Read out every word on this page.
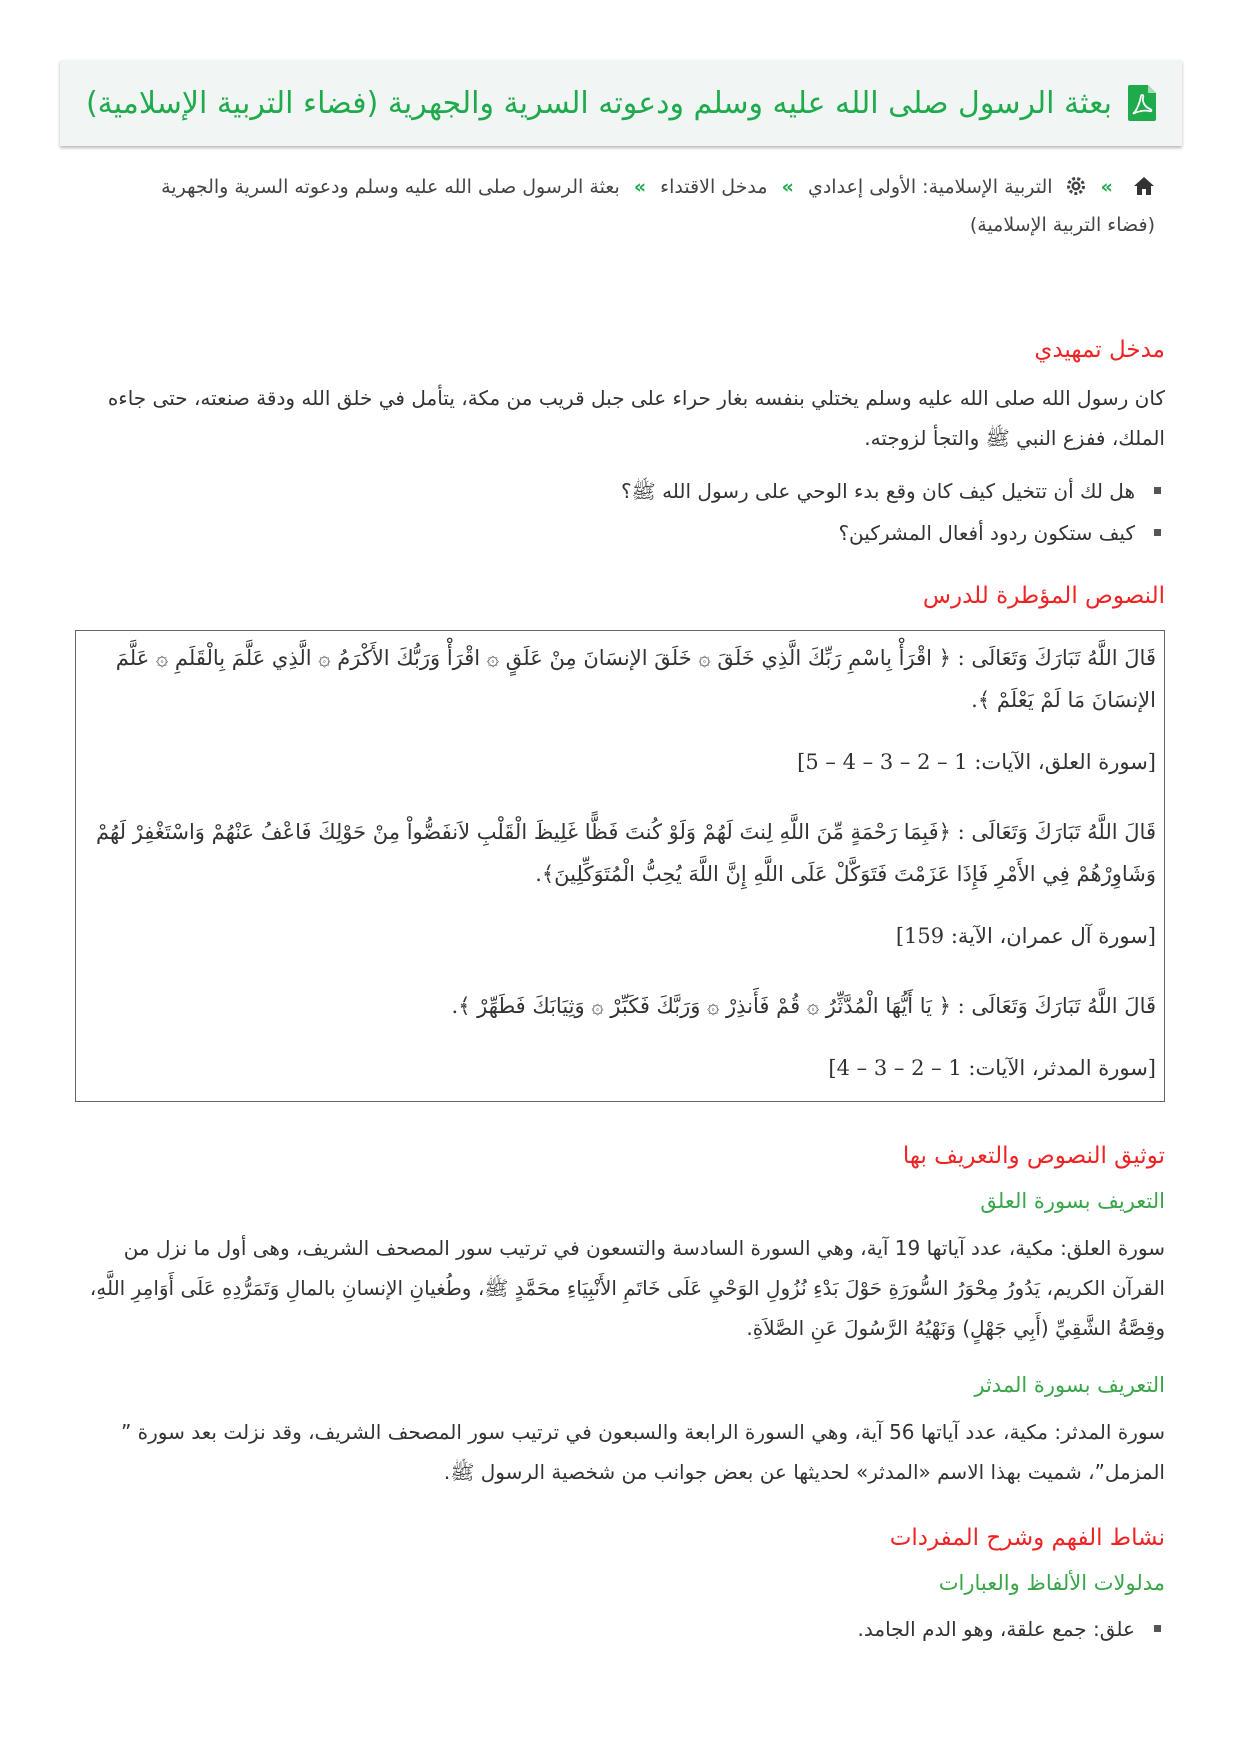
بعثة الرسول صلى الله عليه وسلم ودعوته السرية والجهرية (فضاء التربية الإسلامية)
»  التربية الإسلامية: الأولى إعدادي » مدخل الاقتداء » بعثة الرسول صلى الله عليه وسلم ودعوته السرية والجهرية (فضاء التربية الإسلامية)
مدخل تمهيدي

كان رسول الله صلى الله عليه وسلم يختلي بنفسه بغار حراء على جبل قريب من مكة، يتأمل في خلق الله ودقة صنعته، حتى جاءه الملك، ففزع النبي ﷺ والتجأ لزوجته.

هل لك أن تتخيل كيف كان وقع بدء الوحي على رسول الله ﷺ؟
كيف ستكون ردود أفعال المشركين؟
النصوص المؤطرة للدرس

قَالَ اللَّهُ تَبَارَكَ وَتَعَالَى : ﴿ اقْرَأْ بِاسْمِ رَبِّكَ الَّذِي خَلَقَ ۞ خَلَقَ الإنسَانَ مِنْ عَلَقٍ ۞ اقْرَأْ وَرَبُّكَ الأَكْرَمُ ۞ الَّذِي عَلَّمَ بِالْقَلَمِ ۞ عَلَّمَ الإنسَانَ مَا لَمْ يَعْلَمْ ﴾.

[سورة العلق، الآيات: 1 – 2 – 3 – 4 – 5]

قَالَ اللَّهُ تَبَارَكَ وَتَعَالَى : ﴿فَبِمَا رَحْمَةٍ مِّنَ اللَّهِ لِنتَ لَهُمْ وَلَوْ كُنتَ فَظًّا غَلِيظَ الْقَلْبِ لاَنفَضُّواْ مِنْ حَوْلِكَ فَاعْفُ عَنْهُمْ وَاسْتَغْفِرْ لَهُمْ وَشَاوِرْهُمْ فِي الأَمْرِ فَإِذَا عَزَمْتَ فَتَوَكَّلْ عَلَى اللَّهِ إِنَّ اللَّهَ يُحِبُّ الْمُتَوَكِّلِينَ﴾.

[سورة آل عمران، الآية: 159]

قَالَ اللَّهُ تَبَارَكَ وَتَعَالَى : ﴿ يَا أَيُّهَا الْمُدَّثِّرُ ۞ قُمْ فَأَنذِرْ ۞ وَرَبَّكَ فَكَبِّرْ ۞ وَثِيَابَكَ فَطَهِّرْ ﴾.

[سورة المدثر، الآيات: 1 – 2 – 3 – 4]

توثيق النصوص والتعريف بها
التعريف بسورة العلق

سورة العلق: مكية، عدد آياتها 19 آية، وهي السورة السادسة والتسعون في ترتيب سور المصحف الشريف، وهى أول ما نزل من القرآن الكريم، يَدُورُ مِحْوَرُ السُّورَةِ حَوْلَ بَدْءِ نُزُولِ الوَحْيِ عَلَى خَاتَمِ الأَنْبِيَاءِ محَمَّدٍ ﷺ، وطُغيانِ الإنسانِ بالمالِ وَتَمَرُّدِهِ عَلَى أَوَامِرِ اللَّهِ، وقِصَّةُ الشَّقِيِّ (أَبِي جَهْلٍ) وَنَهْيُهُ الرَّسُولَ عَنِ الصَّلاَةِ.

التعريف بسورة المدثر

سورة المدثر: مكية، عدد آياتها 56 آية، وهي السورة الرابعة والسبعون في ترتيب سور المصحف الشريف، وقد نزلت بعد سورة ” المزمل”، شميت بهذا الاسم «المدثر» لحديثها عن بعض جوانب من شخصية الرسول ﷺ.

نشاط الفهم وشرح المفردات
مدلولات الألفاظ والعبارات
علق: جمع علقة، وهو الدم الجامد.
